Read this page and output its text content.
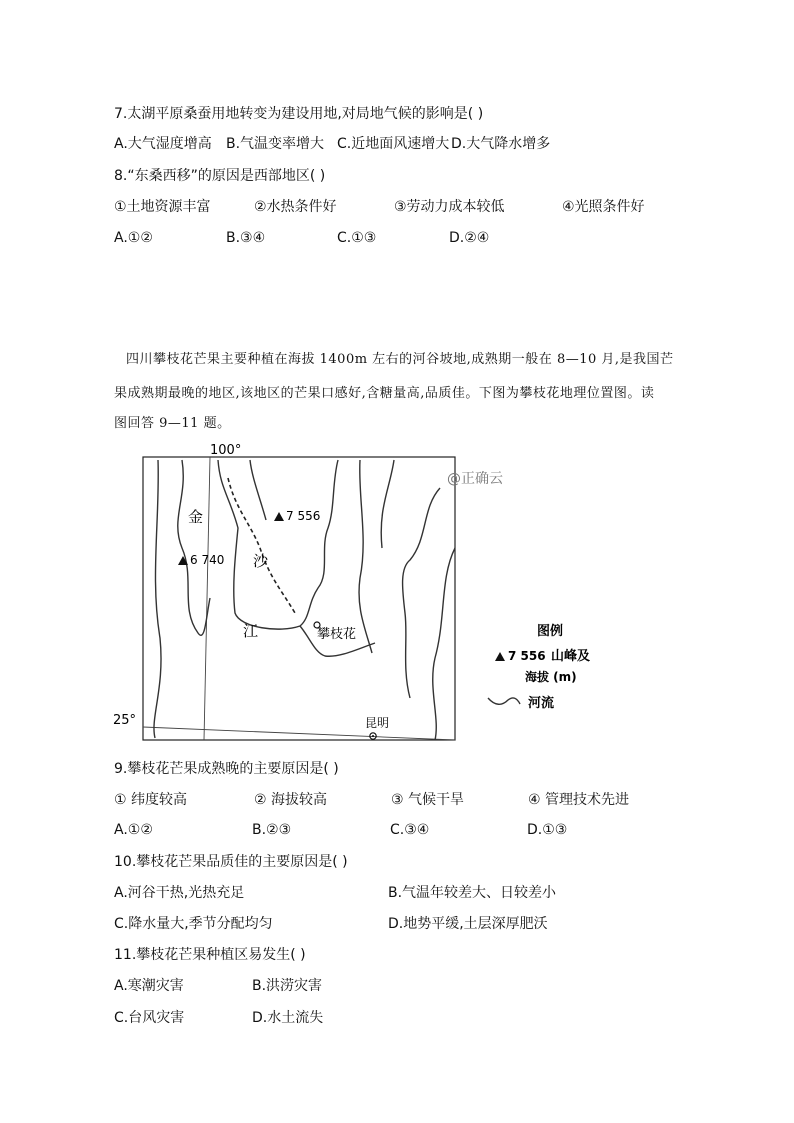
7.太湖平原桑蚕用地转变为建设用地,对局地气候的影响是( )
A.大气湿度增高 B.气温变率增大 C.近地面风速增大 D.大气降水增多
8.“东桑西移”的原因是西部地区( )
①土地资源丰富	②水热条件好	③劳动力成本较低	④光照条件好
A.①②	B.③④	C.①③	D.②④
四川攀枝花芒果主要种植在海拔 1400m 左右的河谷坡地,成熟期一般在 8—10 月,是我国芒
果成熟期最晚的地区,该地区的芒果口感好,含糖量高,品质佳。下图为攀枝花地理位置图。读
图回答 9—11 题。
100°
25°
金
沙
江
7 556
6 740
攀枝花
昆明
图例
7 556 山峰及
海拔 (m)
河流
@正确云
9.攀枝花芒果成熟晚的主要原因是( )
① 纬度较高	② 海拔较高	③ 气候干旱	④ 管理技术先进
A.①②	B.②③	C.③④	D.①③
10.攀枝花芒果品质佳的主要原因是( )
A.河谷干热,光热充足	B.气温年较差大、日较差小
C.降水量大,季节分配均匀	D.地势平缓,土层深厚肥沃
11.攀枝花芒果种植区易发生( )
A.寒潮灾害	B.洪涝灾害
C.台风灾害	D.水土流失
